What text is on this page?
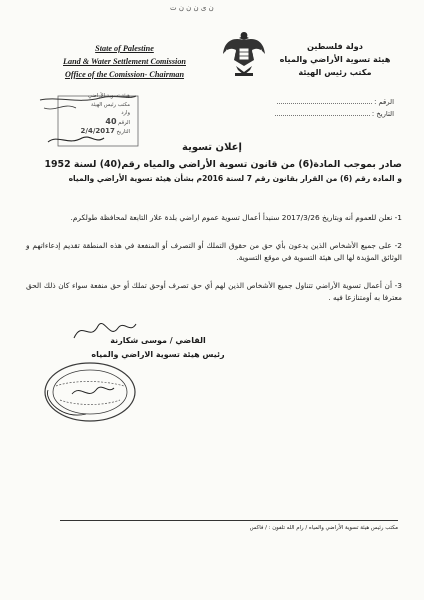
ن ى ن ن ن ت
State of Palestine
Land & Water Settlement Comission
Office of the Comission- Chairman
دولة فلسطين
هيئة تسوية الأراضي والمياه
مكتب رئيس الهيئة
هيئة تسوية الأراضي
مكتب رئيس الهيئة
وارد
الرقم 40
التاريخ 2/4/2017
الرقم :
التاريخ :
إعلان تسوية
صادر بموجب المادة(6) من قانون تسوية الأراضي والمياه رقم(40) لسنة 1952
و المادة رقم (6) من القرار بقانون رقم 7 لسنة 2016م بشأن هيئة تسوية الأراضي والمياه

1- نعلن للعموم أنه وبتاريخ 2017/3/26 سنبدأ أعمال تسوية عموم اراضي بلدة علار التابعة لمحافظة طولكرم.

2- على جميع الأشخاص الذين يدعون بأي حق من حقوق التملك أو التصرف أو المنفعة في هذه المنطقة تقديم إدعاءاتهم و الوثائق المؤيدة لها الى هيئة التسوية في موقع التسوية.

3- أن أعمال تسوية الأراضي تتناول جميع الأشخاص الذين لهم أي حق تصرف أوحق تملك أو حق منفعة سواء كان ذلك الحق معترفا به أومتنازعا فيه .

القاضي / موسى شكارنة
رئيس هيئة تسوية الاراضي والمياه
مكتب رئيس هيئة تسوية الأراضي والمياه / رام الله تلفون : / فاكس
